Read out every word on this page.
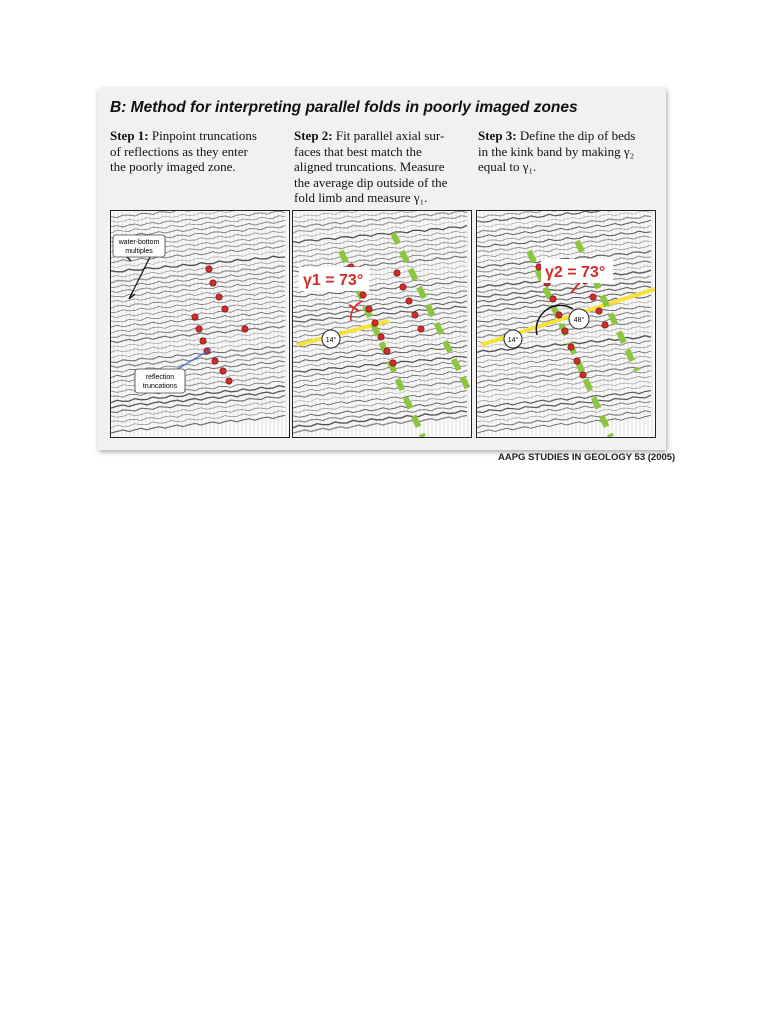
B: Method for interpreting parallel folds in poorly imaged zones
Step 1: Pinpoint truncations
of reflections as they enter
the poorly imaged zone.
Step 2: Fit parallel axial sur-
faces that best match the
aligned truncations. Measure
the average dip outside of the
fold limb and measure γ₁.
Step 3: Define the dip of beds
in the kink band by making γ₂
equal to γ₁.
water-bottom
multiples
reflection
truncations
γ1 = 73°
14°
γ2 = 73°
14°
48°
AAPG STUDIES IN GEOLOGY 53 (2005)
